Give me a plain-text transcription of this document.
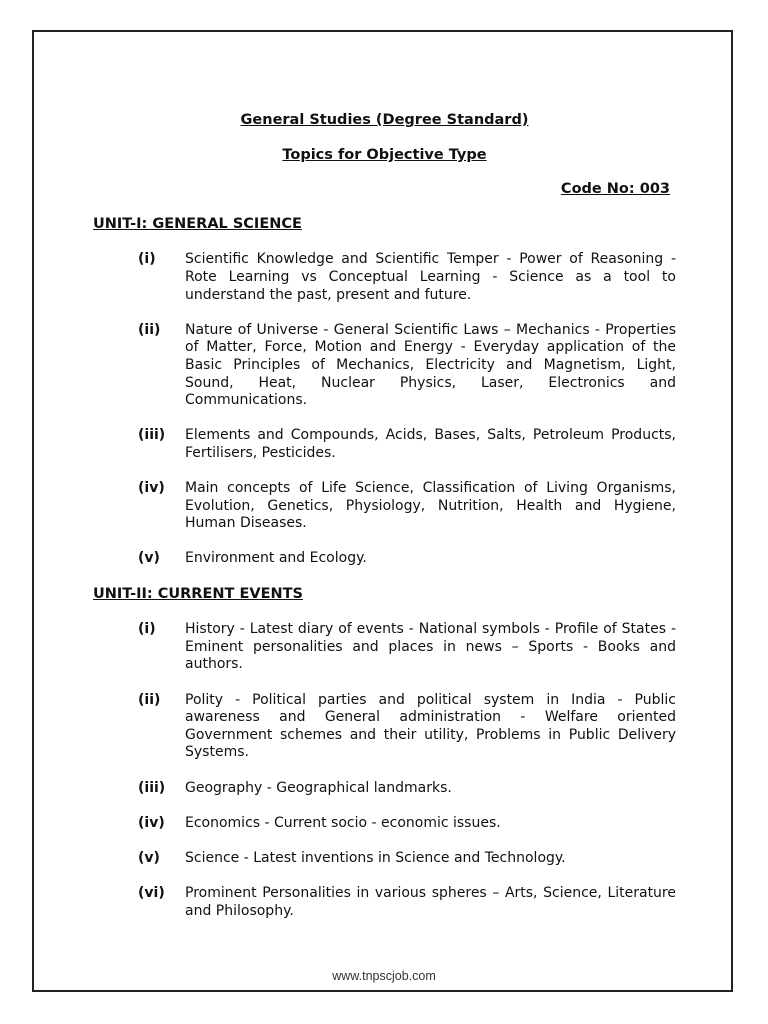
General Studies (Degree Standard)

Topics for Objective Type

Code No: 003
UNIT-I: GENERAL SCIENCE
(i)	Scientific Knowledge and Scientific Temper - Power of Reasoning - Rote Learning vs Conceptual Learning - Science as a tool to understand the past, present and future.
(ii)	Nature of Universe - General Scientific Laws – Mechanics - Properties of Matter, Force, Motion and Energy - Everyday application of the Basic Principles of Mechanics, Electricity and Magnetism, Light, Sound, Heat, Nuclear Physics, Laser, Electronics and Communications.
(iii)	Elements and Compounds, Acids, Bases, Salts, Petroleum Products, Fertilisers, Pesticides.
(iv)	Main concepts of Life Science, Classification of Living Organisms, Evolution, Genetics, Physiology, Nutrition, Health and Hygiene, Human Diseases.
(v)	Environment and Ecology.
UNIT-II: CURRENT EVENTS
(i)	History - Latest diary of events - National symbols - Profile of States - Eminent personalities and places in news – Sports - Books and authors.
(ii)	Polity - Political parties and political system in India - Public awareness and General administration - Welfare oriented Government schemes and their utility, Problems in Public Delivery Systems.
(iii)	Geography - Geographical landmarks.
(iv)	Economics - Current socio - economic issues.
(v)	Science - Latest inventions in Science and Technology.
(vi)	Prominent Personalities in various spheres – Arts, Science, Literature and Philosophy.
www.tnpscjob.com
